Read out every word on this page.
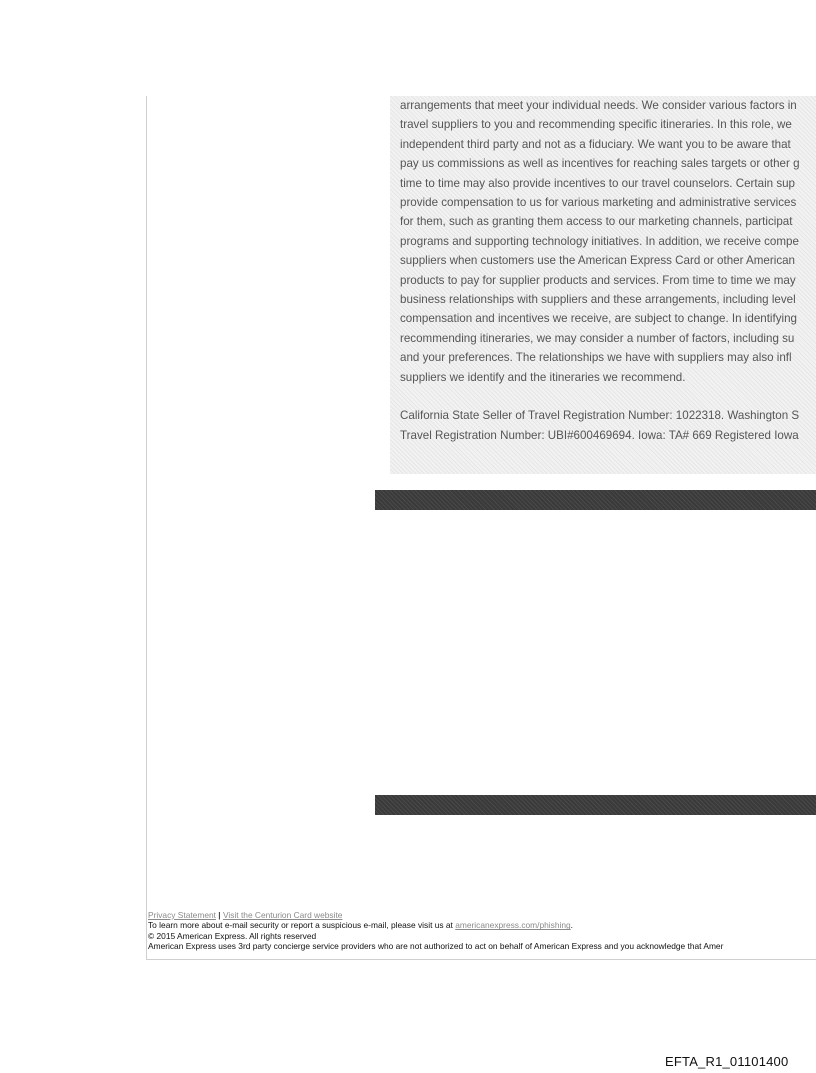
arrangements that meet your individual needs. We consider various factors in
travel suppliers to you and recommending specific itineraries. In this role, we
independent third party and not as a fiduciary. We want you to be aware that
pay us commissions as well as incentives for reaching sales targets or other g
time to time may also provide incentives to our travel counselors. Certain sup
provide compensation to us for various marketing and administrative services
for them, such as granting them access to our marketing channels, participat
programs and supporting technology initiatives. In addition, we receive compe
suppliers when customers use the American Express Card or other American
products to pay for supplier products and services. From time to time we may
business relationships with suppliers and these arrangements, including level
compensation and incentives we receive, are subject to change. In identifying
recommending itineraries, we may consider a number of factors, including su
and your preferences. The relationships we have with suppliers may also infl
suppliers we identify and the itineraries we recommend.
California State Seller of Travel Registration Number: 1022318. Washington S
Travel Registration Number: UBI#600469694. Iowa: TA# 669 Registered Iowa
Privacy Statement | Visit the Centurion Card website
To learn more about e-mail security or report a suspicious e-mail, please visit us at americanexpress.com/phishing.
© 2015 American Express. All rights reserved
American Express uses 3rd party concierge service providers who are not authorized to act on behalf of American Express and you acknowledge that Amer
EFTA_R1_01101400
